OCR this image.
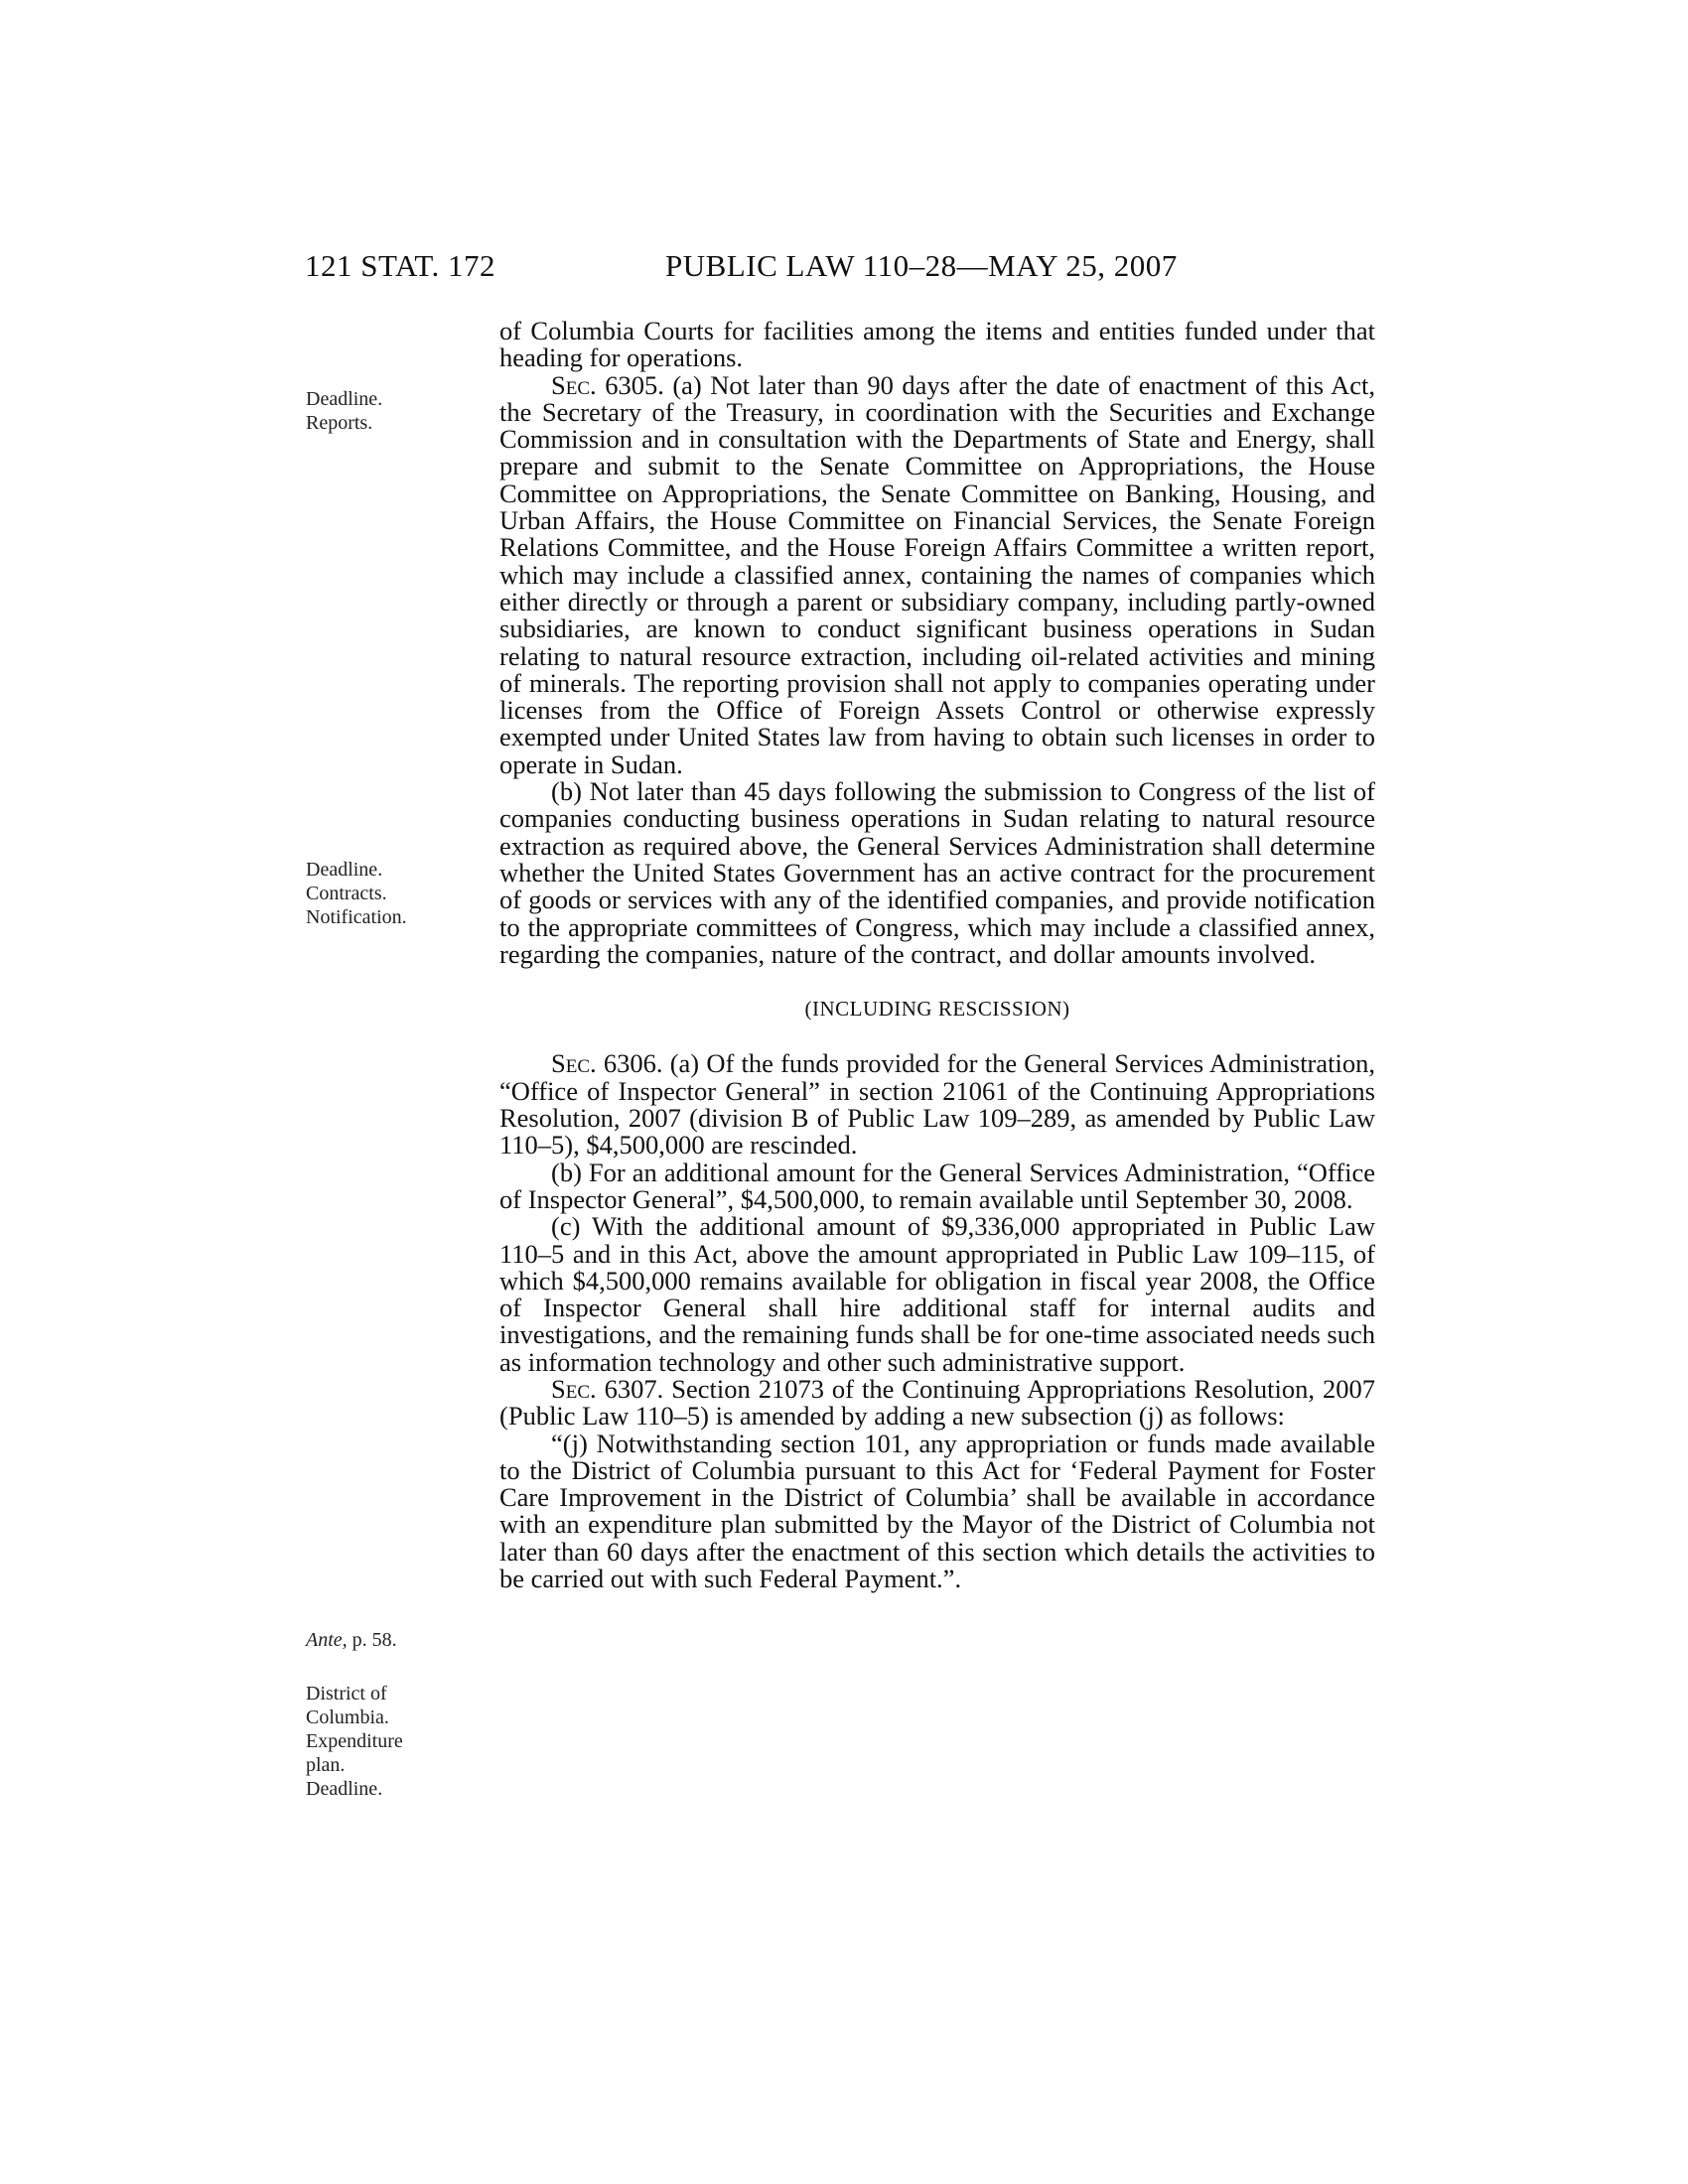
121 STAT. 172	PUBLIC LAW 110–28—MAY 25, 2007
Deadline.
Reports.
Deadline.
Contracts.
Notification.
Ante, p. 58.
District of
Columbia.
Expenditure
plan.
Deadline.

of Columbia Courts for facilities among the items and entities funded under that heading for operations.

Sec. 6305. (a) Not later than 90 days after the date of enactment of this Act, the Secretary of the Treasury, in coordination with the Securities and Exchange Commission and in consultation with the Departments of State and Energy, shall prepare and submit to the Senate Committee on Appropriations, the House Committee on Appropriations, the Senate Committee on Banking, Housing, and Urban Affairs, the House Committee on Financial Services, the Senate Foreign Relations Committee, and the House Foreign Affairs Committee a written report, which may include a classified annex, containing the names of companies which either directly or through a parent or subsidiary company, including partly-owned subsidiaries, are known to conduct significant business operations in Sudan relating to natural resource extraction, including oil-related activities and mining of minerals. The reporting provision shall not apply to companies operating under licenses from the Office of Foreign Assets Control or otherwise expressly exempted under United States law from having to obtain such licenses in order to operate in Sudan.

(b) Not later than 45 days following the submission to Congress of the list of companies conducting business operations in Sudan relating to natural resource extraction as required above, the General Services Administration shall determine whether the United States Government has an active contract for the procurement of goods or services with any of the identified companies, and provide notification to the appropriate committees of Congress, which may include a classified annex, regarding the companies, nature of the contract, and dollar amounts involved.

(INCLUDING RESCISSION)

Sec. 6306. (a) Of the funds provided for the General Services Administration, “Office of Inspector General” in section 21061 of the Continuing Appropriations Resolution, 2007 (division B of Public Law 109–289, as amended by Public Law 110–5), $4,500,000 are rescinded.

(b) For an additional amount for the General Services Administration, “Office of Inspector General”, $4,500,000, to remain available until September 30, 2008.

(c) With the additional amount of $9,336,000 appropriated in Public Law 110–5 and in this Act, above the amount appropriated in Public Law 109–115, of which $4,500,000 remains available for obligation in fiscal year 2008, the Office of Inspector General shall hire additional staff for internal audits and investigations, and the remaining funds shall be for one-time associated needs such as information technology and other such administrative support.

Sec. 6307. Section 21073 of the Continuing Appropriations Resolution, 2007 (Public Law 110–5) is amended by adding a new subsection (j) as follows:

“(j) Notwithstanding section 101, any appropriation or funds made available to the District of Columbia pursuant to this Act for ‘Federal Payment for Foster Care Improvement in the District of Columbia’ shall be available in accordance with an expenditure plan submitted by the Mayor of the District of Columbia not later than 60 days after the enactment of this section which details the activities to be carried out with such Federal Payment.”.
